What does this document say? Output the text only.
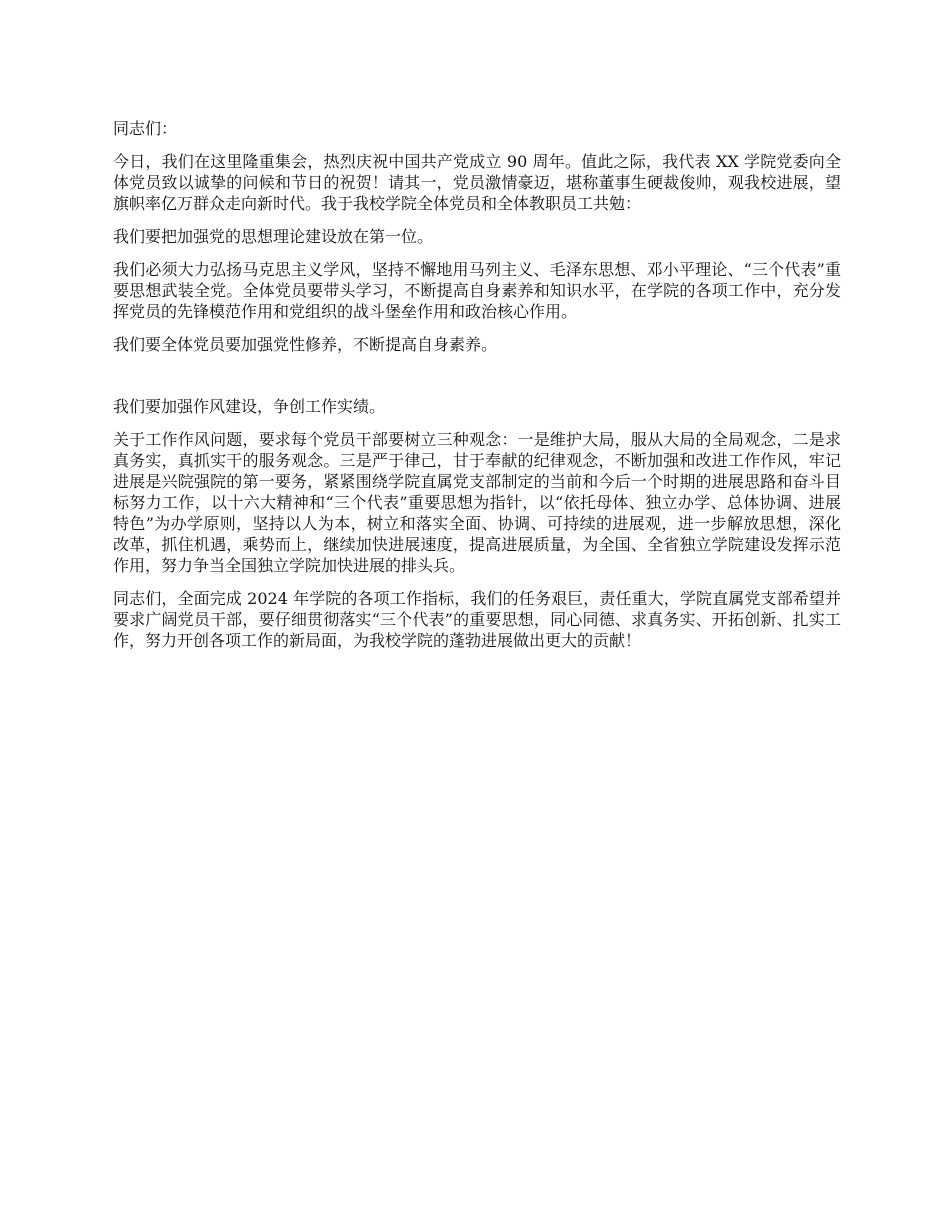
同志们：

今日，我们在这里隆重集会，热烈庆祝中国共产党成立 90 周年。值此之际，我代表 XX 学院党委向全体党员致以诚挚的问候和节日的祝贺！请其一，党员激情豪迈，堪称董事生硬裁俊帅，观我校进展，望旗帜率亿万群众走向新时代。我于我校学院全体党员和全体教职员工共勉：

我们要把加强党的思想理论建设放在第一位。

我们必须大力弘扬马克思主义学风，坚持不懈地用马列主义、毛泽东思想、邓小平理论、“三个代表”重要思想武装全党。全体党员要带头学习，不断提高自身素养和知识水平，在学院的各项工作中，充分发挥党员的先锋模范作用和党组织的战斗堡垒作用和政治核心作用。

我们要全体党员要加强党性修养，不断提高自身素养。

我们要加强作风建设，争创工作实绩。

关于工作作风问题，要求每个党员干部要树立三种观念：一是维护大局，服从大局的全局观念，二是求真务实，真抓实干的服务观念。三是严于律己，甘于奉献的纪律观念，不断加强和改进工作作风，牢记进展是兴院强院的第一要务，紧紧围绕学院直属党支部制定的当前和今后一个时期的进展思路和奋斗目标努力工作，以十六大精神和“三个代表”重要思想为指针，以“依托母体、独立办学、总体协调、进展特色”为办学原则，坚持以人为本，树立和落实全面、协调、可持续的进展观，进一步解放思想，深化改革，抓住机遇，乘势而上，继续加快进展速度，提高进展质量，为全国、全省独立学院建设发挥示范作用，努力争当全国独立学院加快进展的排头兵。

同志们，全面完成 2024 年学院的各项工作指标，我们的任务艰巨，责任重大，学院直属党支部希望并要求广阔党员干部，要仔细贯彻落实“三个代表”的重要思想，同心同德、求真务实、开拓创新、扎实工作，努力开创各项工作的新局面，为我校学院的蓬勃进展做出更大的贡献！
